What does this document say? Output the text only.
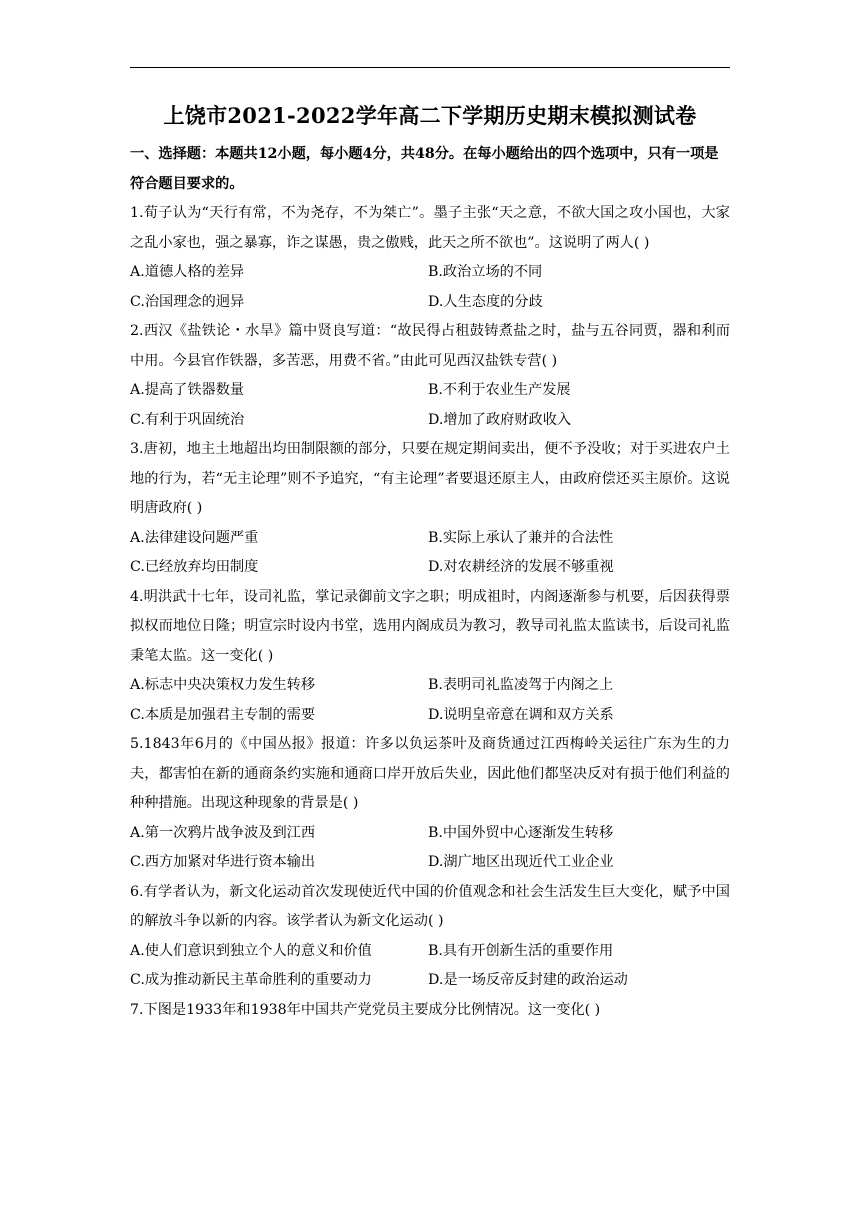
上饶市2021-2022学年高二下学期历史期末模拟测试卷
一、选择题：本题共12小题，每小题4分，共48分。在每小题给出的四个选项中，只有一项是符合题目要求的。
1.荀子认为“天行有常，不为尧存，不为桀亡”。墨子主张“天之意，不欲大国之攻小国也，大家之乱小家也，强之暴寡，诈之谋愚，贵之傲贱，此天之所不欲也”。这说明了两人( )
A.道德人格的差异	B.政治立场的不同
C.治国理念的迥异	D.人生态度的分歧
2.西汉《盐铁论・水旱》篇中贤良写道：“故民得占租鼓铸煮盐之时，盐与五谷同贾，器和利而中用。今县官作铁器，多苦恶，用费不省。”由此可见西汉盐铁专营( )
A.提高了铁器数量	B.不利于农业生产发展
C.有利于巩固统治	D.增加了政府财政收入
3.唐初，地主土地超出均田制限额的部分，只要在规定期间卖出，便不予没收；对于买进农户土地的行为，若“无主论理”则不予追究，“有主论理”者要退还原主人，由政府偿还买主原价。这说明唐政府( )
A.法律建设问题严重	B.实际上承认了兼并的合法性
C.已经放弃均田制度	D.对农耕经济的发展不够重视
4.明洪武十七年，设司礼监，掌记录御前文字之职；明成祖时，内阁逐渐参与机要，后因获得票拟权而地位日隆；明宣宗时设内书堂，选用内阁成员为教习，教导司礼监太监读书，后设司礼监秉笔太监。这一变化( )
A.标志中央决策权力发生转移	B.表明司礼监凌驾于内阁之上
C.本质是加强君主专制的需要	D.说明皇帝意在调和双方关系
5.1843年6月的《中国丛报》报道：许多以负运茶叶及商货通过江西梅岭关运往广东为生的力夫，都害怕在新的通商条约实施和通商口岸开放后失业，因此他们都坚决反对有损于他们利益的种种措施。出现这种现象的背景是( )
A.第一次鸦片战争波及到江西	B.中国外贸中心逐渐发生转移
C.西方加紧对华进行资本输出	D.湖广地区出现近代工业企业
6.有学者认为，新文化运动首次发现使近代中国的价值观念和社会生活发生巨大变化，赋予中国的解放斗争以新的内容。该学者认为新文化运动( )
A.使人们意识到独立个人的意义和价值	B.具有开创新生活的重要作用
C.成为推动新民主革命胜利的重要动力	D.是一场反帝反封建的政治运动
7.下图是1933年和1938年中国共产党党员主要成分比例情况。这一变化( )
